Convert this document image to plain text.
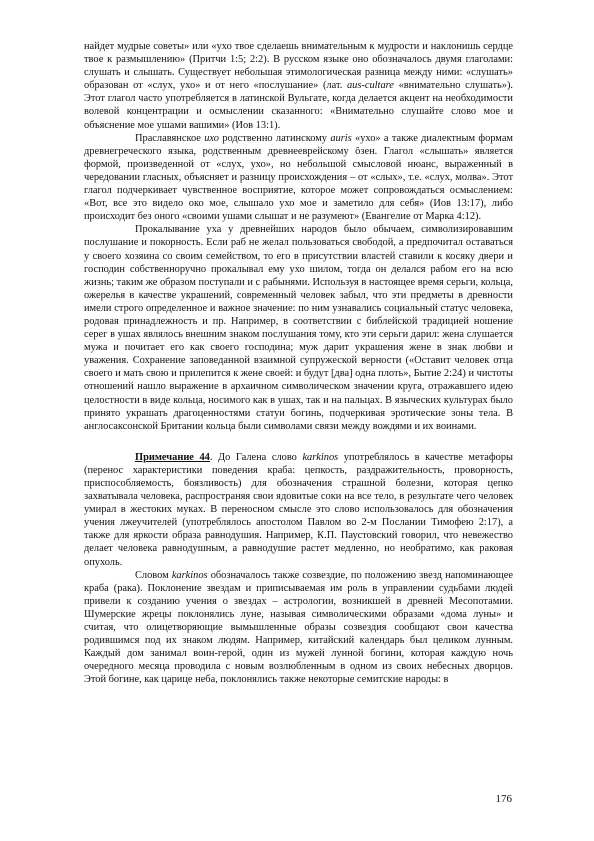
найдет мудрые советы» или «ухо твое сделаешь внимательным к мудрости и наклонишь сердце твое к размышлению» (Притчи 1:5; 2:2). В русском языке оно обозначалось двумя глаголами: слушать и слышать. Существует небольшая этимологическая разница между ними: «слушать» образован от «слух, ухо» и от него «послушание» (лат. aus-cultare «внимательно слушать»). Этот глагол часто употребляется в латинской Вульгате, когда делается акцент на необходимости волевой концентрации и осмыслении сказанного: «Внимательно слушайте слово мое и объяснение мое ушами вашими» (Иов 13:1).

Праславянское ихо родственно латинскому auris «ухо» а также диалектным формам древнегреческого языка, родственным древнееврейскому ôзен. Глагол «слышать» является формой, произведенной от «слух, ухо», но небольшой смысловой нюанс, выраженный в чередовании гласных, объясняет и разницу происхождения – от «слых», т.е. «слух, молва». Этот глагол подчеркивает чувственное восприятие, которое может сопровождаться осмыслением: «Вот, все это видело око мое, слышало ухо мое и заметило для себя» (Иов 13:17), либо происходит без оного «своими ушами слышат и не разумеют» (Евангелие от Марка 4:12).

Прокалывание уха у древнейших народов было обычаем, символизировавшим послушание и покорность. Если раб не желал пользоваться свободой, а предпочитал оставаться у своего хозяина со своим семейством, то его в присутствии властей ставили к косяку двери и господин собственноручно прокалывал ему ухо шилом, тогда он делался рабом его на всю жизнь; таким же образом поступали и с рабынями. Используя в настоящее время серьги, кольца, ожерелья в качестве украшений, современный человек забыл, что эти предметы в древности имели строго определенное и важное значение: по ним узнавались социальный статус человека, родовая принадлежность и пр. Например, в соответствии с библейской традицией ношение серег в ушах являлось внешним знаком послушания тому, кто эти серьги дарил: жена слушается мужа и почитает его как своего господина; муж дарит украшения жене в знак любви и уважения. Сохранение заповеданной взаимной супружеской верности («Оставит человек отца своего и мать свою и прилепится к жене своей: и будут [два] одна плоть», Бытие 2:24) и чистоты отношений нашло выражение в архаичном символическом значении круга, отражавшего идею целостности в виде кольца, носимого как в ушах, так и на пальцах. В языческих культурах было принято украшать драгоценностями статуи богинь, подчеркивая эротические зоны тела. В англосаксонской Британии кольца были символами связи между вождями и их воинами.

Примечание 44. До Галена слово karkinos употреблялось в качестве метафоры (перенос характеристики поведения краба: цепкость, раздражительность, проворность, приспособляемость, боязливость) для обозначения страшной болезни, которая цепко захватывала человека, распространяя свои ядовитые соки на все тело, в результате чего человек умирал в жестоких муках. В переносном смысле это слово использовалось для обозначения учения лжеучителей (употреблялось апостолом Павлом во 2-м Послании Тимофею 2:17), а также для яркости образа равнодушия. Например, К.П. Паустовский говорил, что невежество делает человека равнодушным, а равнодушие растет медленно, но необратимо, как раковая опухоль.

Словом karkinos обозначалось также созвездие, по положению звезд напоминающее краба (рака). Поклонение звездам и приписываемая им роль в управлении судьбами людей привели к созданию учения о звездах – астрологии, возникшей в древней Месопотамии. Шумерские жрецы поклонялись луне, называя символическими образами «дома луны» и считая, что олицетворяющие вымышленные образы созвездия сообщают свои качества родившимся под их знаком людям. Например, китайский календарь был целиком лунным. Каждый дом занимал воин-герой, один из мужей лунной богини, которая каждую ночь очередного месяца проводила с новым возлюбленным в одном из своих небесных дворцов. Этой богине, как царице неба, поклонялись также некоторые семитские народы: в

176
